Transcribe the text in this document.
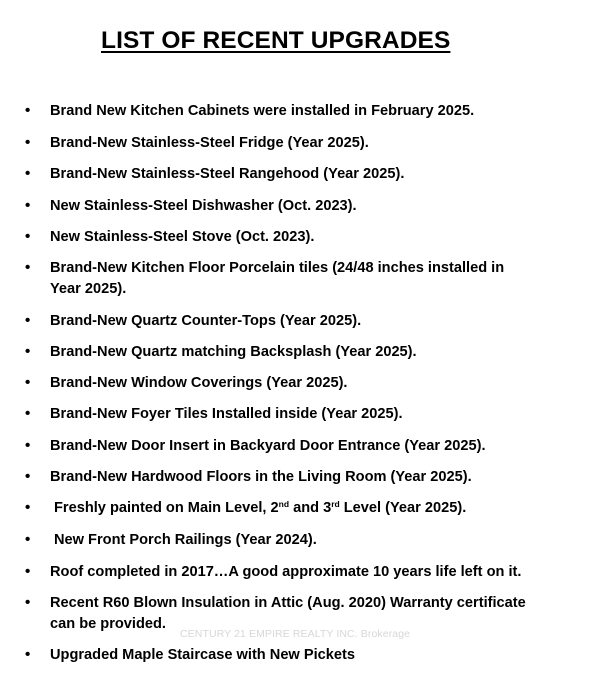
LIST OF RECENT UPGRADES
• Brand New Kitchen Cabinets were installed in February 2025.
• Brand-New Stainless-Steel Fridge (Year 2025).
• Brand-New Stainless-Steel Rangehood (Year 2025).
• New Stainless-Steel Dishwasher (Oct. 2023).
• New Stainless-Steel Stove (Oct. 2023).
• Brand-New Kitchen Floor Porcelain tiles (24/48 inches installed in
Year 2025).
• Brand-New Quartz Counter-Tops (Year 2025).
• Brand-New Quartz matching Backsplash (Year 2025).
• Brand-New Window Coverings (Year 2025).
• Brand-New Foyer Tiles Installed inside (Year 2025).
• Brand-New Door Insert in Backyard Door Entrance (Year 2025).
• Brand-New Hardwood Floors in the Living Room (Year 2025).
• Freshly painted on Main Level, 2nd and 3rd Level (Year 2025).
• New Front Porch Railings (Year 2024).
• Roof completed in 2017…A good approximate 10 years life left on it.
• Recent R60 Blown Insulation in Attic (Aug. 2020) Warranty certificate
can be provided.
• Upgraded Maple Staircase with New Pickets
CENTURY 21 EMPIRE REALTY INC. Brokerage
